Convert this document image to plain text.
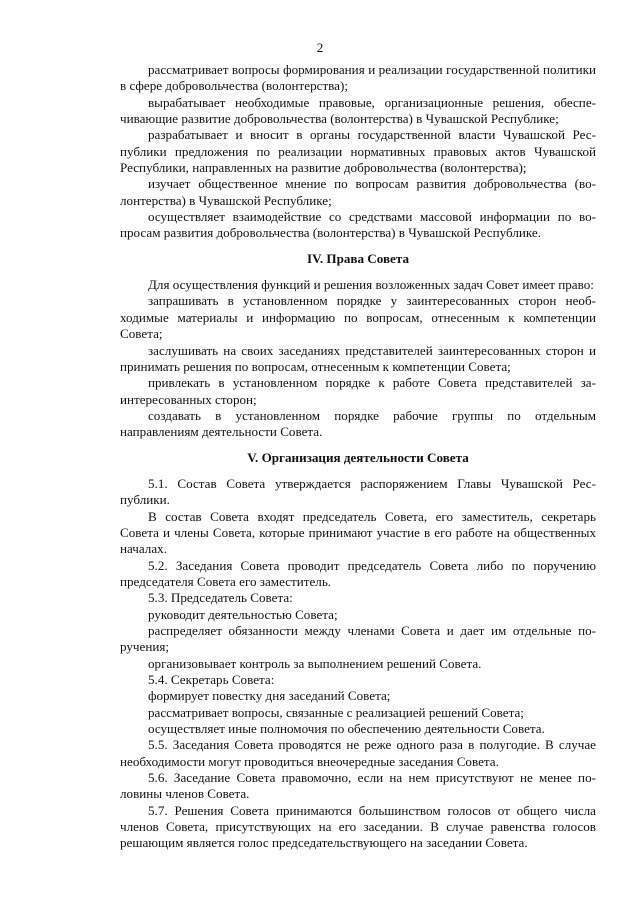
2

рассматривает вопросы формирования и реализации государственной политики в сфере добровольчества (волонтерства);

вырабатывает необходимые правовые, организационные решения, обеспечивающие развитие добровольчества (волонтерства) в Чувашской Республике;

разрабатывает и вносит в органы государственной власти Чувашской Республики предложения по реализации нормативных правовых актов Чувашской Республики, направленных на развитие добровольчества (волонтерства);

изучает общественное мнение по вопросам развития добровольчества (волонтерства) в Чувашской Республике;

осуществляет взаимодействие со средствами массовой информации по вопросам развития добровольчества (волонтерства) в Чувашской Республике.

IV. Права Совета

Для осуществления функций и решения возложенных задач Совет имеет право:

запрашивать в установленном порядке у заинтересованных сторон необходимые материалы и информацию по вопросам, отнесенным к компетенции Совета;

заслушивать на своих заседаниях представителей заинтересованных сторон и принимать решения по вопросам, отнесенным к компетенции Совета;

привлекать в установленном порядке к работе Совета представителей заинтересованных сторон;

создавать в установленном порядке рабочие группы по отдельным направлениям деятельности Совета.

V. Организация деятельности Совета

5.1. Состав Совета утверждается распоряжением Главы Чувашской Республики.

В состав Совета входят председатель Совета, его заместитель, секретарь Совета и члены Совета, которые принимают участие в его работе на общественных началах.

5.2. Заседания Совета проводит председатель Совета либо по поручению председателя Совета его заместитель.

5.3. Председатель Совета:

руководит деятельностью Совета;

распределяет обязанности между членами Совета и дает им отдельные поручения;

организовывает контроль за выполнением решений Совета.

5.4. Секретарь Совета:

формирует повестку дня заседаний Совета;

рассматривает вопросы, связанные с реализацией решений Совета;

осуществляет иные полномочия по обеспечению деятельности Совета.

5.5. Заседания Совета проводятся не реже одного раза в полугодие. В случае необходимости могут проводиться внеочередные заседания Совета.

5.6. Заседание Совета правомочно, если на нем присутствуют не менее половины членов Совета.

5.7. Решения Совета принимаются большинством голосов от общего числа членов Совета, присутствующих на его заседании. В случае равенства голосов решающим является голос председательствующего на заседании Совета.
